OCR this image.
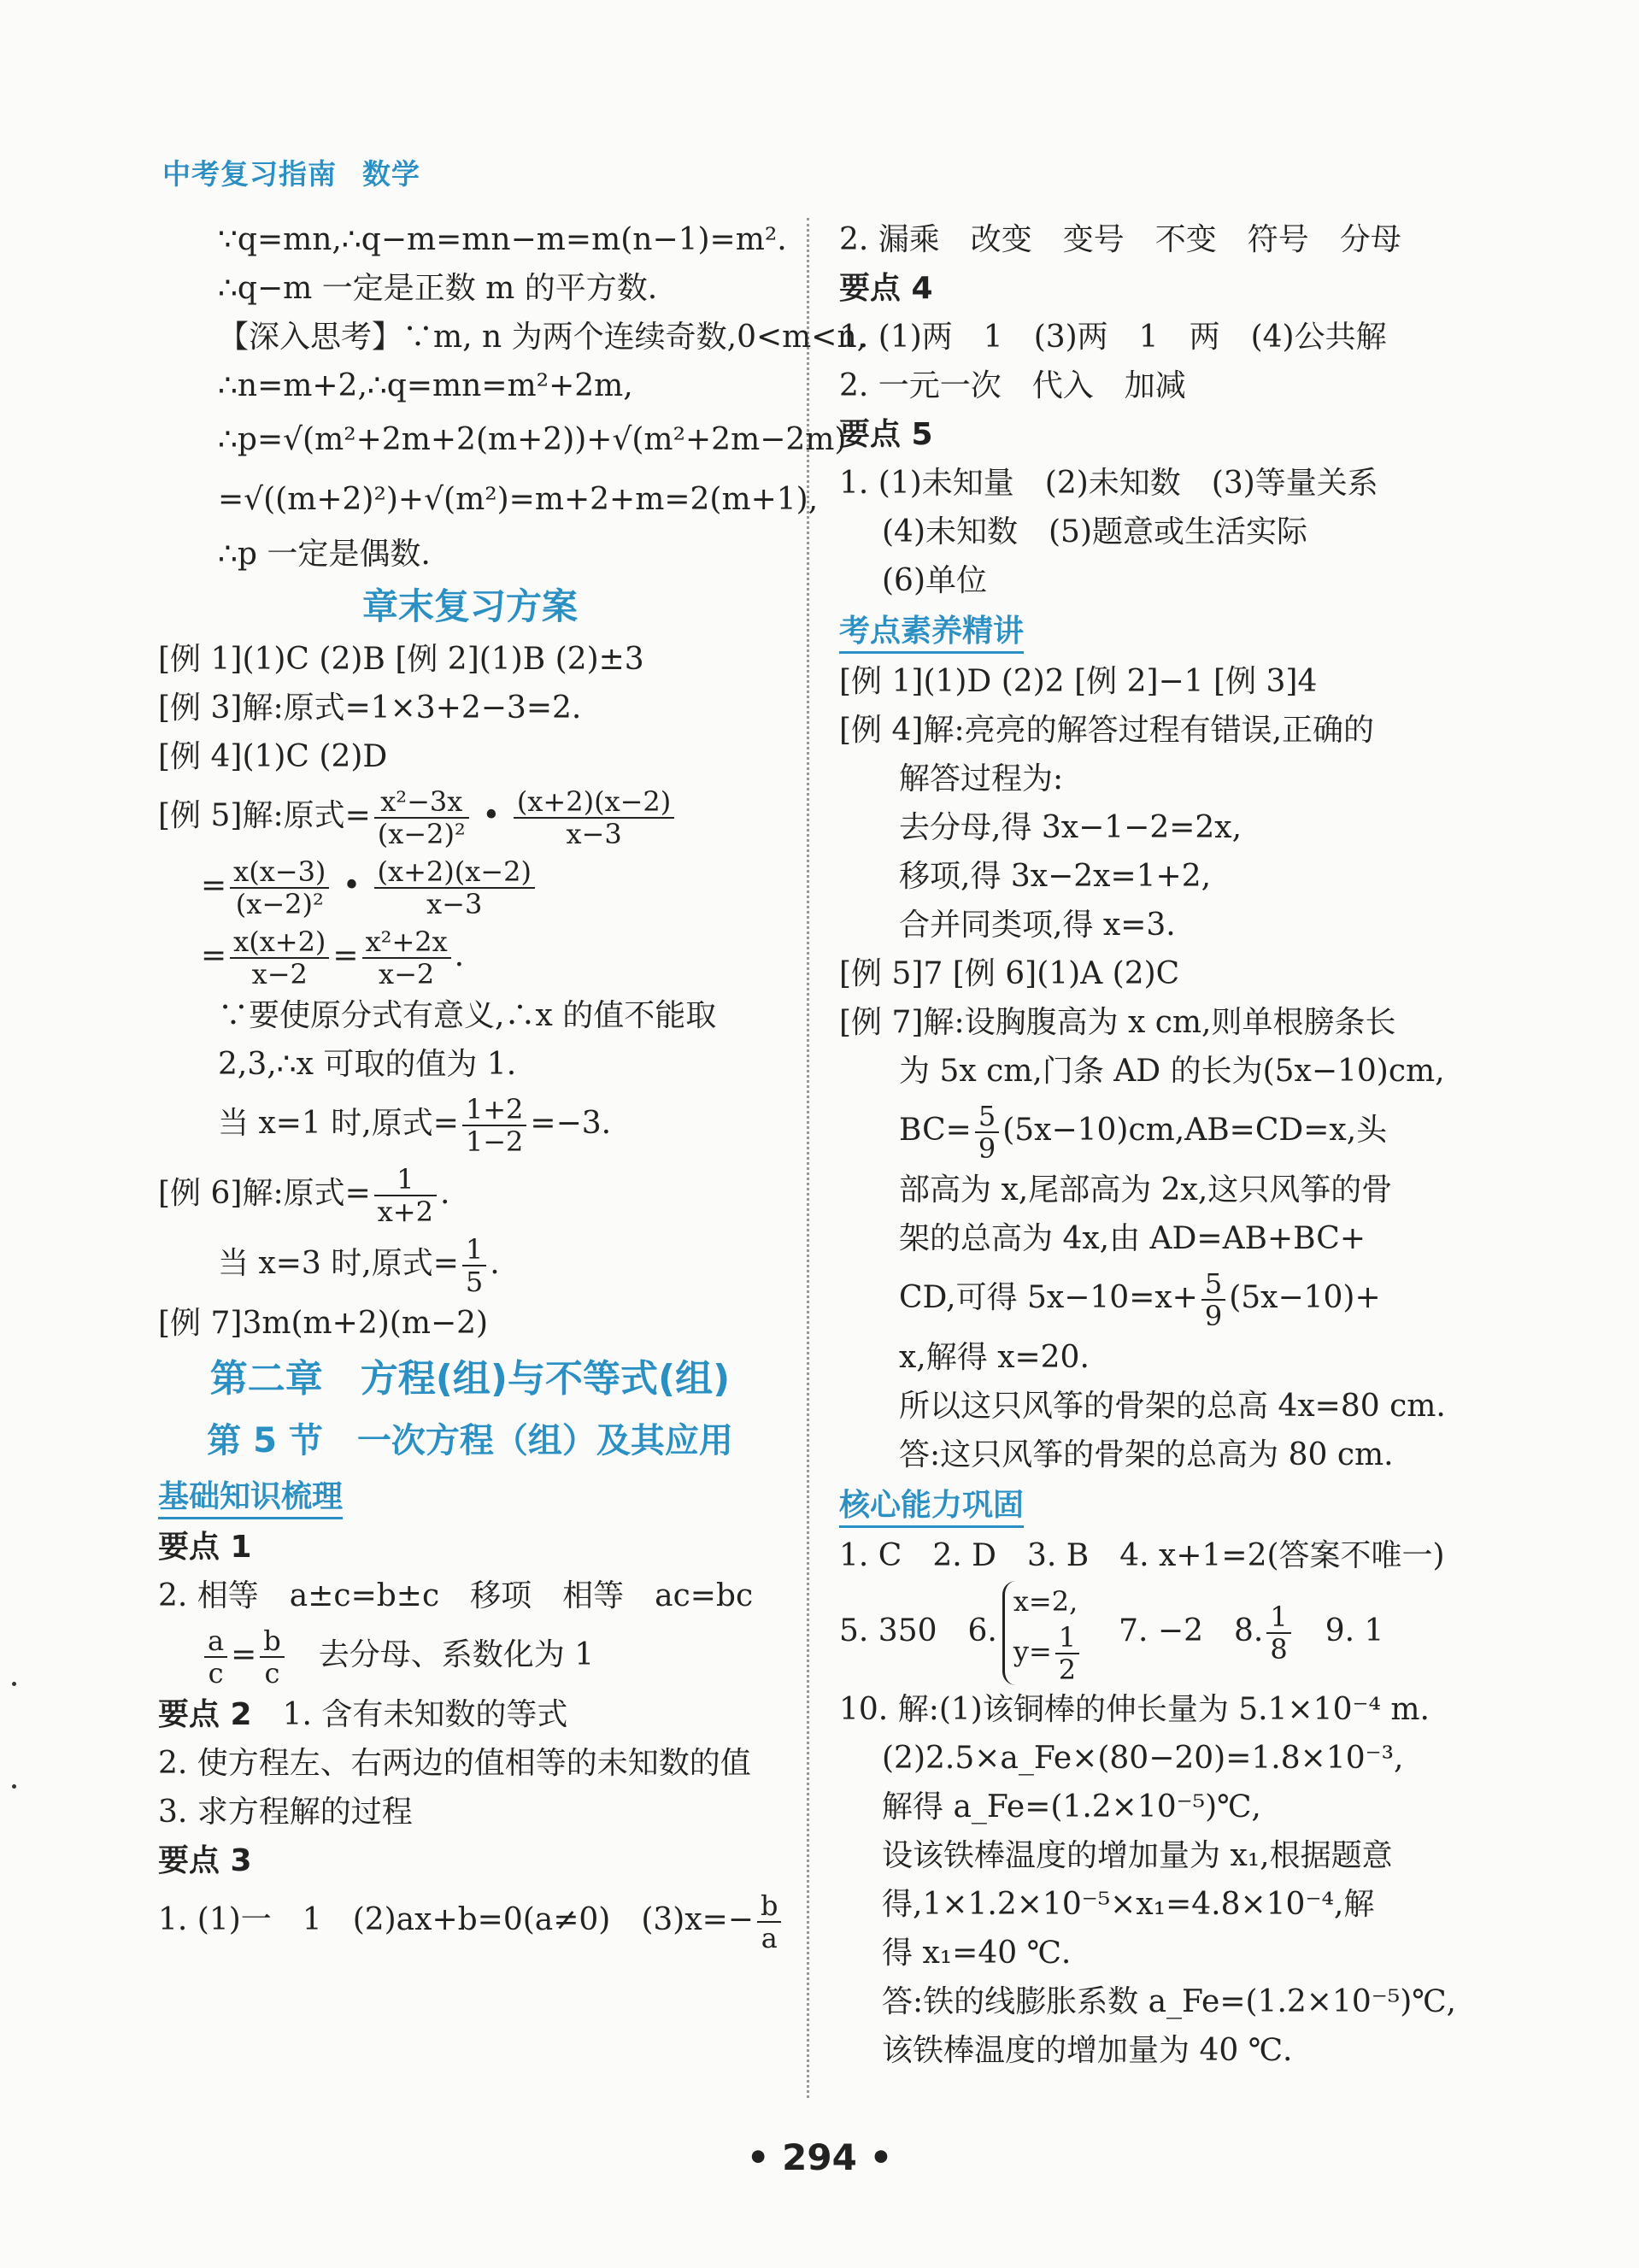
中考复习指南 数学
∵q=mn,∴q−m=mn−m=m(n−1)=m².
∴q−m 一定是正数 m 的平方数.
【深入思考】∵m, n 为两个连续奇数,0<m<n,
∴n=m+2,∴q=mn=m²+2m,
∴p=√(m²+2m+2(m+2))+√(m²+2m−2m)
=√((m+2)²)+√(m²)=m+2+m=2(m+1),
∴p 一定是偶数.
章末复习方案
[例 1](1)C (2)B [例 2](1)B (2)±3
[例 3]解:原式=1×3+2−3=2.
[例 4](1)C (2)D
[例 5]解:原式= $\frac{\text{x²−3x}}{\text{(x−2)²}}$ • $\frac{(x+2)(x-2)}{x-3}$
= $\frac{x(x-3)}{\text{(x−2)²}}$ • $\frac{(x+2)(x-2)}{x-3}$
= $\frac{x(x+2)}{x-2} = \frac{\text{x²+2x}}{x-2}$ .
∵要使原分式有意义,∴x 的值不能取
2,3,∴x 可取的值为 1.
当 x=1 时,原式= $\frac{1+2}{1-2} =-3$.
[例 6]解:原式= $\frac{1}{x+2}$ .
当 x=3 时,原式= $\frac{1}{5}$ .
[例 7]3m(m+2)(m−2)
第二章　方程(组)与不等式(组)
第 5 节　一次方程（组）及其应用
基础知识梳理
要点 1
2. 相等　a±c=b±c　移项　相等　ac=bc
$\frac{a}{c} = \frac{b}{c}$
　 去分母、系数化为 1
要点 2　 1. 含有未知数的等式
2. 使方程左、右两边的值相等的未知数的值
3. 求方程解的过程
要点 3
1. (1)一　1　(2)ax+b=0(a≠0)　$(3)x=- \frac{b}{a}$
2. 漏乘　改变　变号　不变　符号　分母
要点 4
1. (1)两　1　(3)两　1　两　(4)公共解
2. 一元一次　代入　加减
要点 5
1. (1)未知量　(2)未知数　(3)等量关系
(4)未知数　(5)题意或生活实际
(6)单位
考点素养精讲
[例 1](1)D (2)2 [例 2]−1 [例 3]4
[例 4]解:亮亮的解答过程有错误,正确的
解答过程为:
去分母,得 3x−1−2=2x,
移项,得 3x−2x=1+2,
合并同类项,得 x=3.
[例 5]7 [例 6](1)A (2)C
[例 7]解:设胸腹高为 x cm,则单根膀条长
为 5x cm,门条 AD 的长为(5x−10)cm,
$BC= \frac{5}{9} (5x-10)cm,AB=CD=x$,头
部高为 x,尾部高为 2x,这只风筝的骨
架的总高为 4x,由 AD=AB+BC+
CD,可得 $5x-10=x+ \frac{5}{9} (5x-10)+$
x,解得 x=20.
所以这只风筝的骨架的总高 4x=80 cm.
答:这只风筝的骨架的总高为 80 cm.
核心能力巩固
1. C　2. D　3. B　4. x+1=2(答案不唯一)
5. 350　6.
x=2,
$y= \frac{1}{2}$
　 7. −2　8. $\frac{1}{8}$
　 9. 1
10. 解:(1)该铜棒的伸长量为 5.1×10⁻⁴ m.
(2)2.5×a_Fe×(80−20)=1.8×10⁻³,
解得 a_Fe=(1.2×10⁻⁵)℃,
设该铁棒温度的增加量为 x₁,根据题意
得,1×1.2×10⁻⁵×x₁=4.8×10⁻⁴,解
得 x₁=40 ℃.
答:铁的线膨胀系数 a_Fe=(1.2×10⁻⁵)℃,
该铁棒温度的增加量为 40 ℃.
• 294 •
